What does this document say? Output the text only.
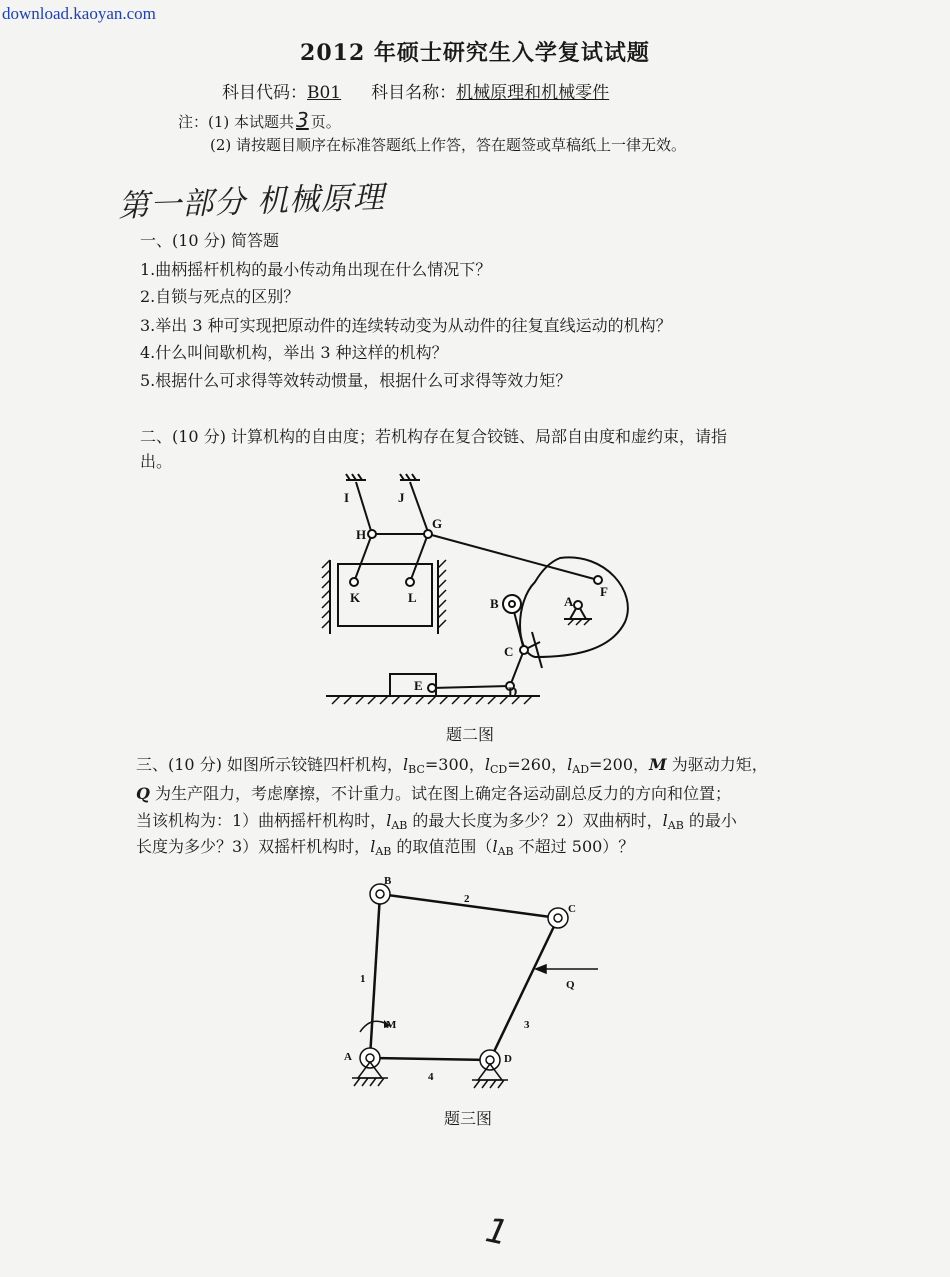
download.kaoyan.com
2012 年硕士研究生入学复试试题
科目代码：B01 科目名称：机械原理和机械零件
注：(1) 本试题共 3 页。
(2) 请按题目顺序在标准答题纸上作答，答在题签或草稿纸上一律无效。
第一部分 机械原理
一、(10 分) 简答题
1.曲柄摇杆机构的最小传动角出现在什么情况下？
2.自锁与死点的区别？
3.举出 3 种可实现把原动件的连续转动变为从动件的往复直线运动的机构？
4.什么叫间歇机构，举出 3 种这样的机构？
5.根据什么可求得等效转动惯量，根据什么可求得等效力矩？
二、(10 分) 计算机构的自由度；若机构存在复合铰链、局部自由度和虚约束，请指
出。
I	J
G
H
K	L	F
B	A
C
E	D
题二图
三、(10 分) 如图所示铰链四杆机构，$l_{BC}=300$，$l_{CD}=260$，$l_{AD}=200$，M 为驱动力矩，
Q 为生产阻力，考虑摩擦，不计重力。试在图上确定各运动副总反力的方向和位置；
当该机构为：1）曲柄摇杆机构时，$l_{AB}$ 的最大长度为多少？2）双曲柄时，$l_{AB}$ 的最小
长度为多少？3）双摇杆机构时，$l_{AB}$ 的取值范围（$l_{AB}$ 不超过 500）？
B
C
A	D
M
Q
1
2
3
4
题三图
1
